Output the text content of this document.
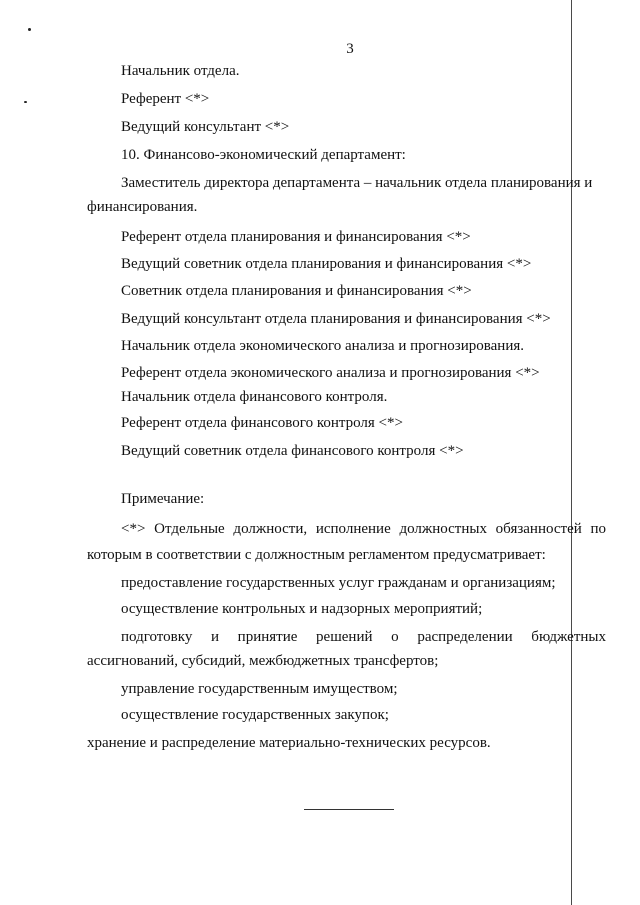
3
Начальник отдела.
Референт <*>
Ведущий консультант <*>
10. Финансово-экономический департамент:
Заместитель директора департамента – начальник отдела планирования и
финансирования.
Референт отдела планирования и финансирования <*>
Ведущий советник отдела планирования и финансирования <*>
Советник отдела планирования и финансирования <*>
Ведущий консультант отдела планирования и финансирования <*>
Начальник отдела экономического анализа и прогнозирования.
Референт отдела экономического анализа и прогнозирования <*>
Начальник отдела финансового контроля.
Референт отдела финансового контроля <*>
Ведущий советник отдела финансового контроля <*>
Примечание:
<*> Отдельные должности, исполнение должностных обязанностей по
которым в соответствии с должностным регламентом предусматривает:
предоставление государственных услуг гражданам и организациям;
осуществление контрольных и надзорных мероприятий;
подготовку и принятие решений о распределении бюджетных
ассигнований, субсидий, межбюджетных трансфертов;
управление государственным имуществом;
осуществление государственных закупок;
хранение и распределение материально-технических ресурсов.
